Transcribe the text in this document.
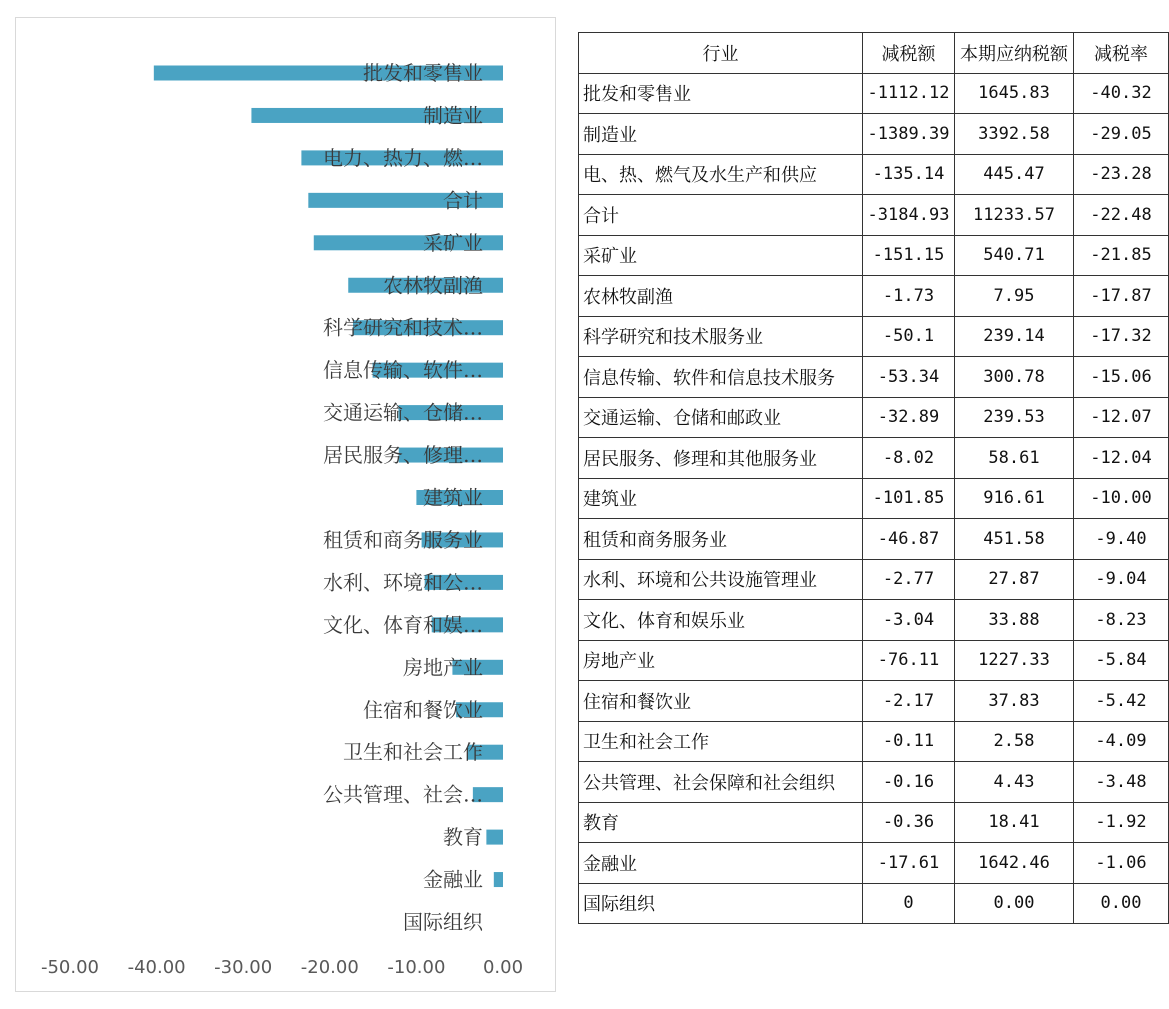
批发和零售业
制造业
电力、热力、燃…
合计
采矿业
农林牧副渔
科学研究和技术…
信息传输、软件…
交通运输、仓储…
居民服务、修理…
建筑业
租赁和商务服务业
水利、环境和公…
文化、体育和娱…
房地产业
住宿和餐饮业
卫生和社会工作
公共管理、社会…
教育
金融业
国际组织
-50.00 -40.00 -30.00 -20.00 -10.00 0.00
行业	减税额	本期应纳税额	减税率
批发和零售业	-1112.12	1645.83	-40.32
制造业	-1389.39	3392.58	-29.05
电、热、燃气及水生产和供应	-135.14	445.47	-23.28
合计	-3184.93	11233.57	-22.48
采矿业	-151.15	540.71	-21.85
农林牧副渔	-1.73	7.95	-17.87
科学研究和技术服务业	-50.1	239.14	-17.32
信息传输、软件和信息技术服务	-53.34	300.78	-15.06
交通运输、仓储和邮政业	-32.89	239.53	-12.07
居民服务、修理和其他服务业	-8.02	58.61	-12.04
建筑业	-101.85	916.61	-10.00
租赁和商务服务业	-46.87	451.58	-9.40
水利、环境和公共设施管理业	-2.77	27.87	-9.04
文化、体育和娱乐业	-3.04	33.88	-8.23
房地产业	-76.11	1227.33	-5.84
住宿和餐饮业	-2.17	37.83	-5.42
卫生和社会工作	-0.11	2.58	-4.09
公共管理、社会保障和社会组织	-0.16	4.43	-3.48
教育	-0.36	18.41	-1.92
金融业	-17.61	1642.46	-1.06
国际组织	0	0.00	0.00
